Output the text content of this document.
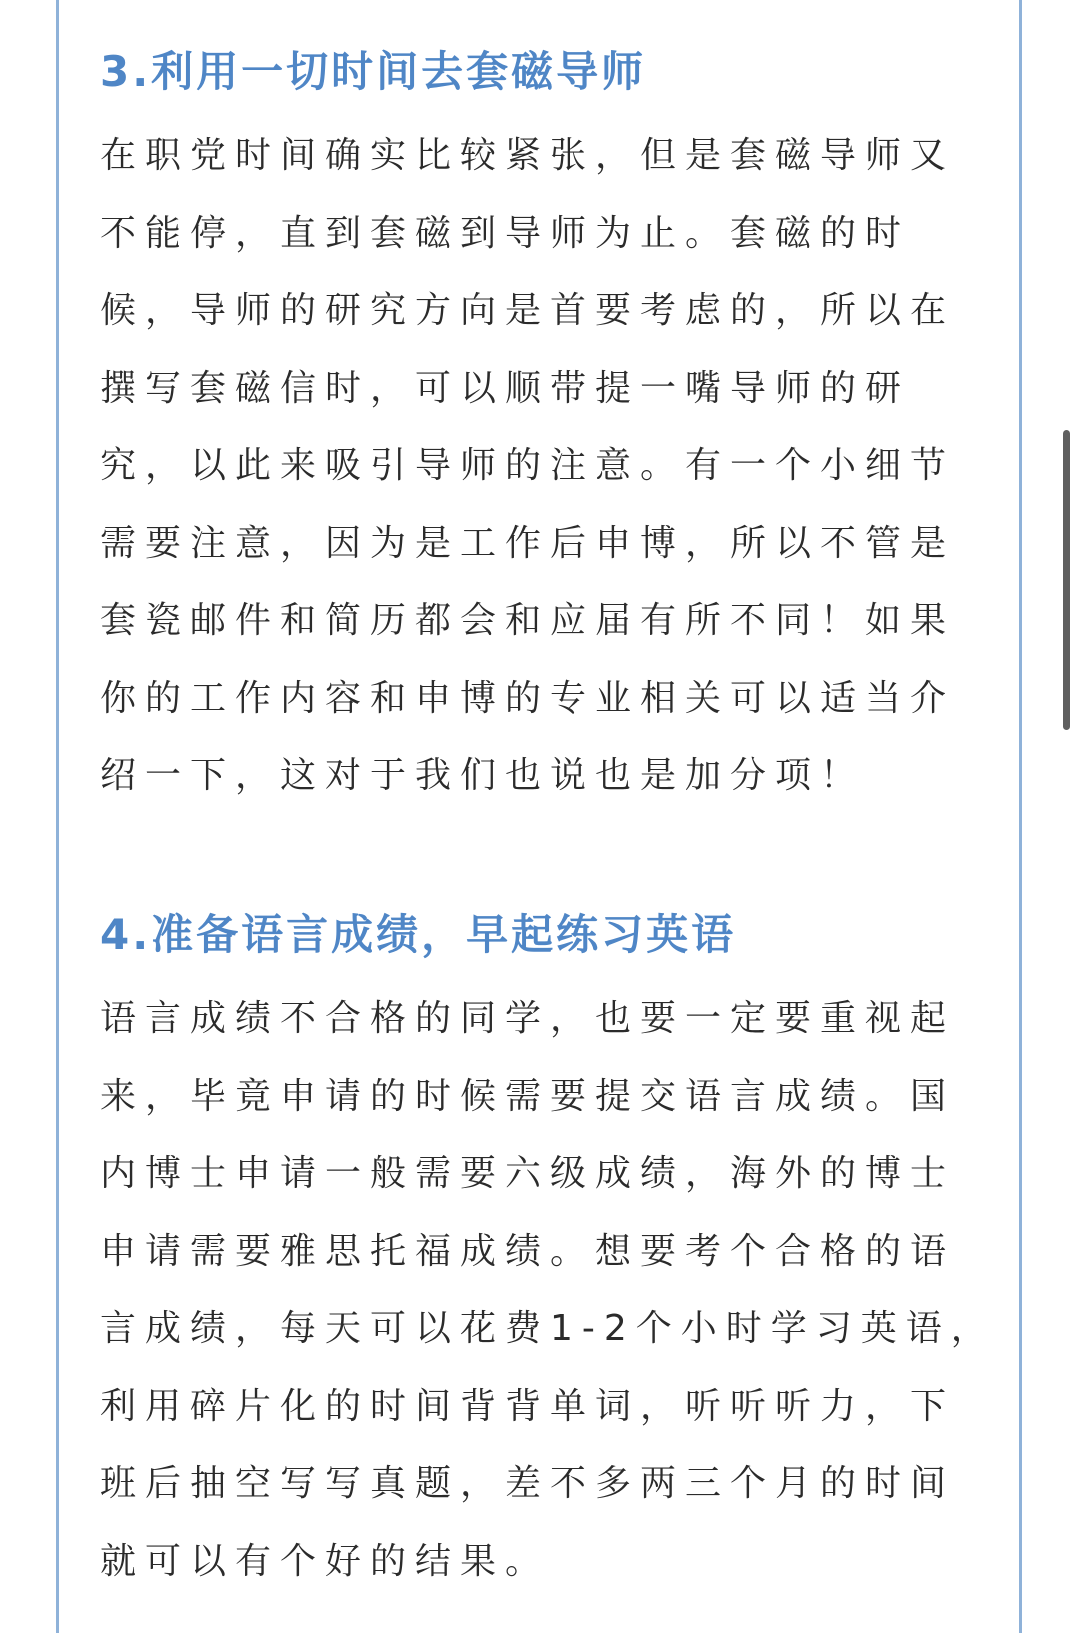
3.利用一切时间去套磁导师

在职党时间确实比较紧张，但是套磁导师又
不能停，直到套磁到导师为止。套磁的时
候，导师的研究方向是首要考虑的，所以在
撰写套磁信时，可以顺带提一嘴导师的研
究，以此来吸引导师的注意。有一个小细节
需要注意，因为是工作后申博，所以不管是
套瓷邮件和简历都会和应届有所不同！如果
你的工作内容和申博的专业相关可以适当介
绍一下，这对于我们也说也是加分项！

4.准备语言成绩，早起练习英语

语言成绩不合格的同学，也要一定要重视起
来，毕竟申请的时候需要提交语言成绩。国
内博士申请一般需要六级成绩，海外的博士
申请需要雅思托福成绩。想要考个合格的语
言成绩，每天可以花费1-2个小时学习英语，
利用碎片化的时间背背单词，听听听力，下
班后抽空写写真题，差不多两三个月的时间
就可以有个好的结果。
